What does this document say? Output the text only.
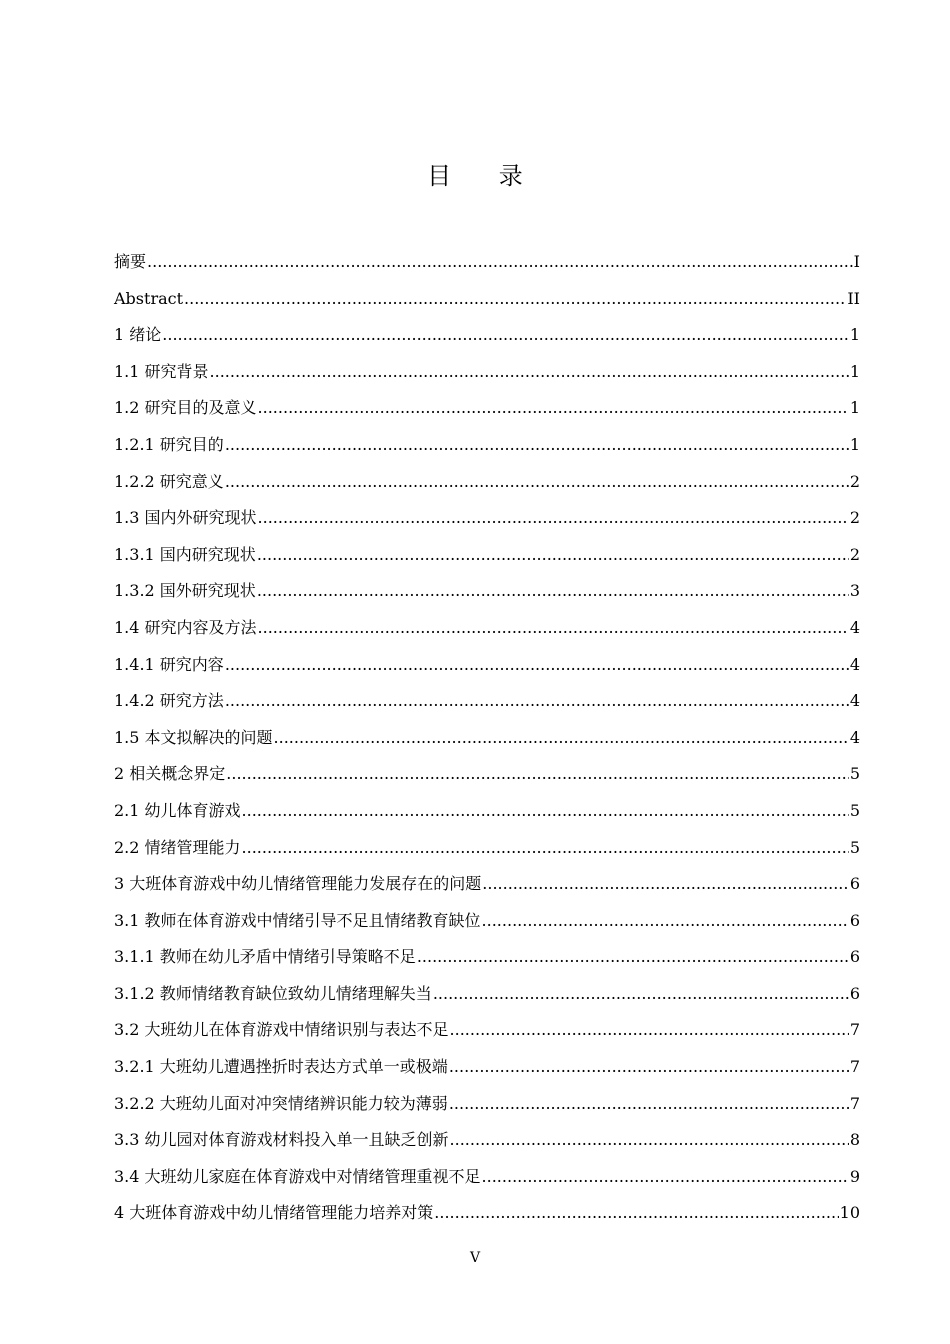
目 录
摘要 .....	I
Abstract .....	II
1 绪论 .....	1
1.1 研究背景 .....	1
1.2 研究目的及意义 .....	1
1.2.1 研究目的 .....	1
1.2.2 研究意义 .....	2
1.3 国内外研究现状 .....	2
1.3.1 国内研究现状 .....	2
1.3.2 国外研究现状 .....	3
1.4 研究内容及方法 .....	4
1.4.1 研究内容 .....	4
1.4.2 研究方法 .....	4
1.5 本文拟解决的问题 .....	4
2 相关概念界定 .....	5
2.1 幼儿体育游戏 .....	5
2.2 情绪管理能力 .....	5
3 大班体育游戏中幼儿情绪管理能力发展存在的问题 .....	6
3.1 教师在体育游戏中情绪引导不足且情绪教育缺位 .....	6
3.1.1 教师在幼儿矛盾中情绪引导策略不足 .....	6
3.1.2 教师情绪教育缺位致幼儿情绪理解失当 .....	6
3.2 大班幼儿在体育游戏中情绪识别与表达不足 .....	7
3.2.1 大班幼儿遭遇挫折时表达方式单一或极端 .....	7
3.2.2 大班幼儿面对冲突情绪辨识能力较为薄弱 .....	7
3.3 幼儿园对体育游戏材料投入单一且缺乏创新 .....	8
3.4 大班幼儿家庭在体育游戏中对情绪管理重视不足 .....	9
4 大班体育游戏中幼儿情绪管理能力培养对策 .....	10
V
